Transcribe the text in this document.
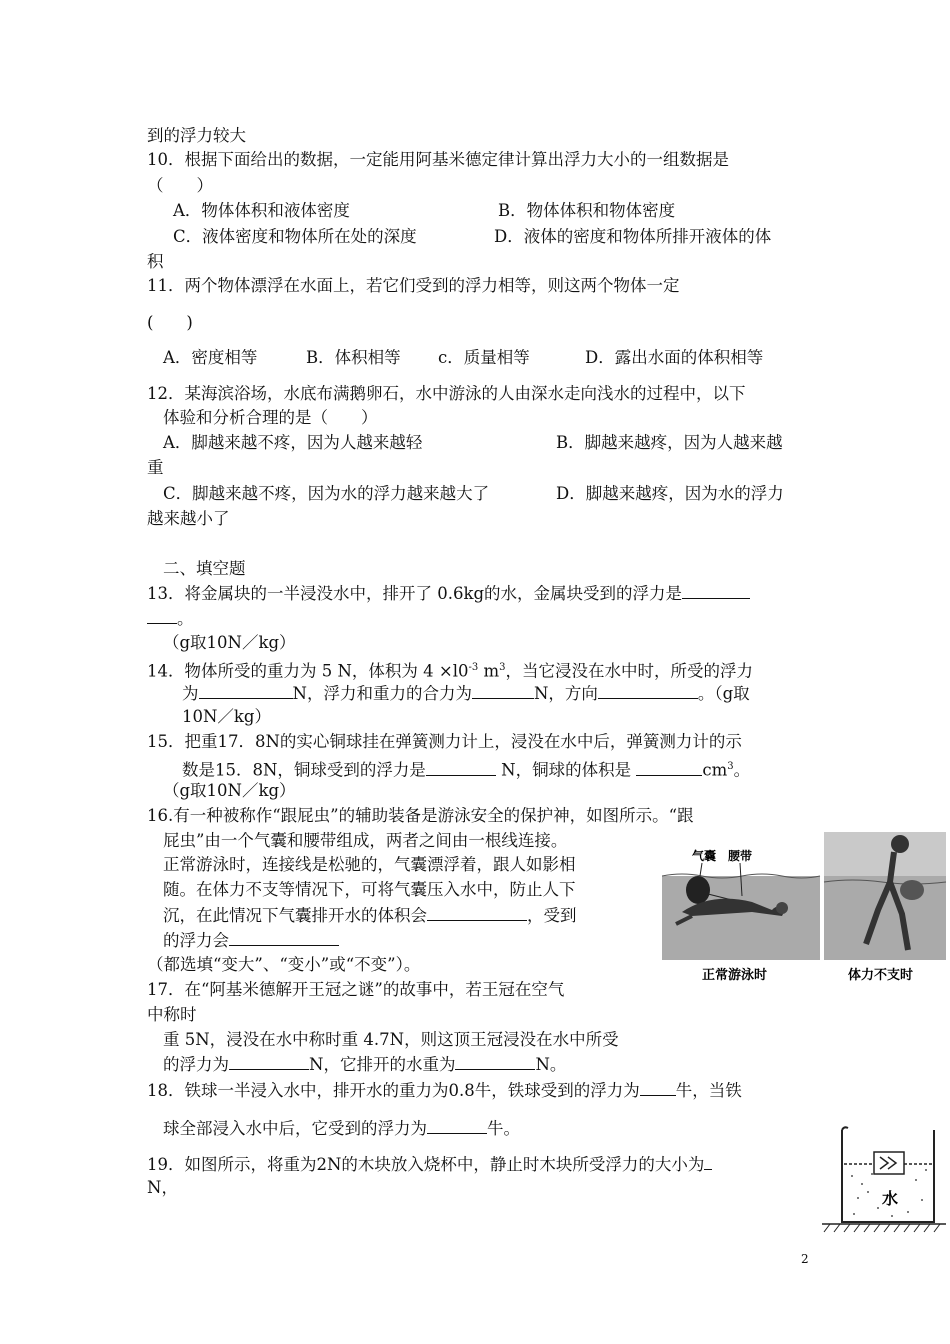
到的浮力较大
10．根据下面给出的数据，一定能用阿基米德定律计算出浮力大小的一组数据是
（　　）
A．物体体积和液体密度	B．物体体积和物体密度
C．液体密度和物体所在处的深度	D．液体的密度和物体所排开液体的体
积
11．两个物体漂浮在水面上，若它们受到的浮力相等，则这两个物体一定
(　　)
A．密度相等	B．体积相等 c．质量相等	D．露出水面的体积相等
12．某海滨浴场，水底布满鹅卵石，水中游泳的人由深水走向浅水的过程中，以下
体验和分析合理的是（　　）
A．脚越来越不疼，因为人越来越轻	B．脚越来越疼，因为人越来越
重
C．脚越来越不疼，因为水的浮力越来越大了	D．脚越来越疼，因为水的浮力
越来越小了
二、填空题
13．将金属块的一半浸没水中，排开了 0.6kg的水，金属块受到的浮力是
。
（g取10N／kg）
14．物体所受的重力为 5 N，体积为 $4 \times l0^{-3}$ $m^3$，当它浸没在水中时，所受的浮力
为	N，浮力和重力的合力为	N，方向	。（g取
10N／kg）
15．把重17．8N的实心铜球挂在弹簧测力计上，浸没在水中后，弹簧测力计的示
数是15．8N，铜球受到的浮力是	N，铜球的体积是	$cm^3$。
（g取10N／kg）
16.有一种被称作“跟屁虫”的辅助装备是游泳安全的保护神，如图所示。“跟
屁虫”由一个气囊和腰带组成，两者之间由一根线连接。
正常游泳时，连接线是松驰的，气囊漂浮着，跟人如影相
随。在体力不支等情况下，可将气囊压入水中，防止人下
沉，在此情况下气囊排开水的体积会	，受到
的浮力会
（都选填“变大”、“变小”或“不变”）。
气囊 腰带
正常游泳时	体力不支时
17．在“阿基米德解开王冠之谜”的故事中，若王冠在空气
中称时
重 5N，浸没在水中称时重 4.7N，则这顶王冠浸没在水中所受
的浮力为	N，它排开的水重为	N。
18．铁球一半浸入水中，排开水的重力为0.8牛，铁球受到的浮力为 牛，当铁
球全部浸入水中后，它受到的浮力为	牛。
19．如图所示，将重为2N的木块放入烧杯中，静止时木块所受浮力的大小为
N，
水
2
